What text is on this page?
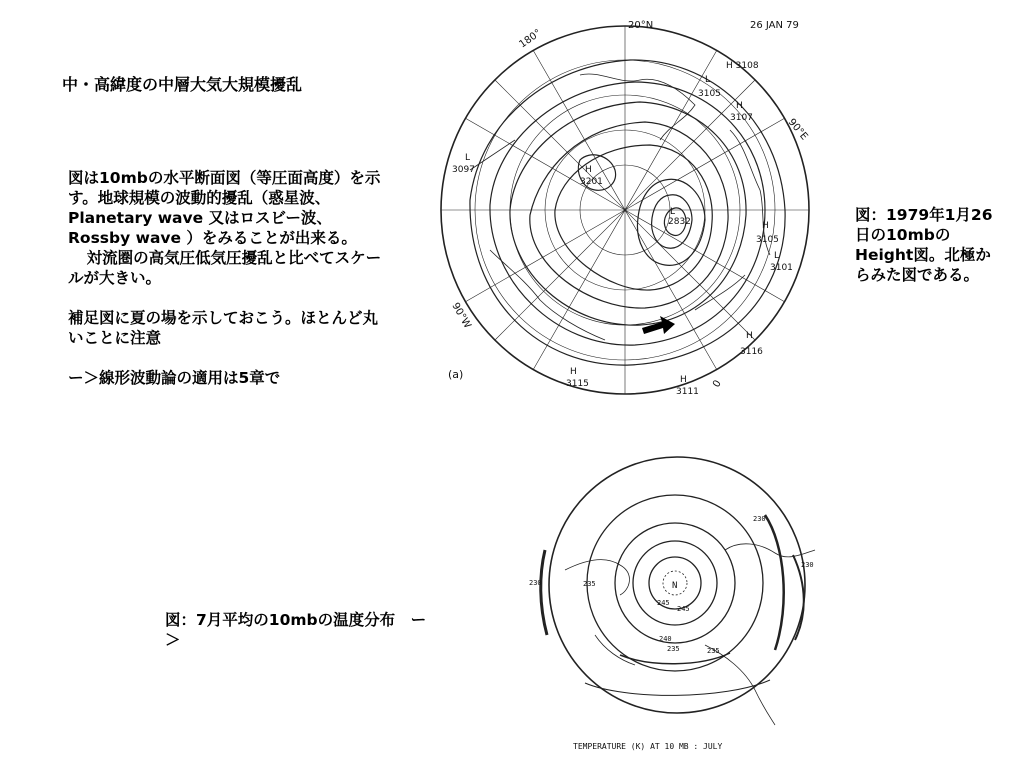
中・高緯度の中層大気大規模擾乱

図は10mbの水平断面図（等圧面高度）を示す。地球規模の波動的擾乱（惑星波、Planetary wave 又はロスビー波、Rossby wave ）をみることが出来る。

対流圏の高気圧低気圧擾乱と比べてスケールが大きい。

補足図に夏の場を示しておこう。ほとんど丸いことに注意

ー＞線形波動論の適用は5章で

図：1979年1月26日の10mbのHeight図。北極からみた図である。
図：7月平均の10mbの温度分布　ー＞
26 JAN 79
20°N
180°
90°E
90°W
0
(a)
H 3108
L
3105
H
3107
L
3097	H
3201
L
2832	H
3105
L
3101
H
3116
H
3115	H
3111
N
230	235
230
230
245
245
240
235	235
TEMPERATURE (K) AT 10 MB : JULY
